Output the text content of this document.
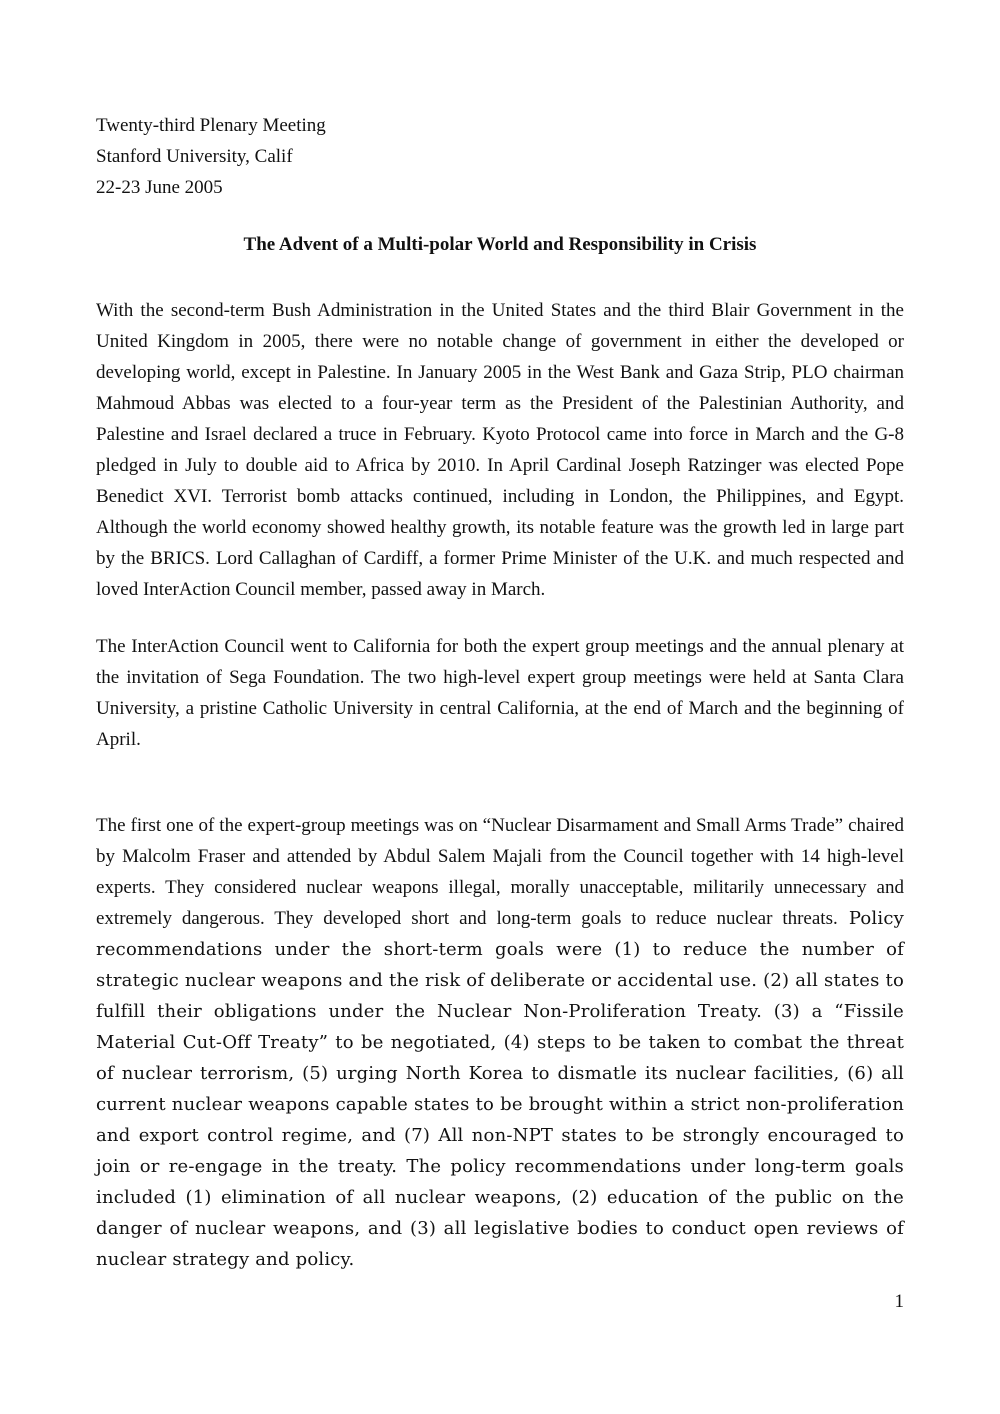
Twenty-third Plenary Meeting
Stanford University, Calif
22-23 June 2005
The Advent of a Multi-polar World and Responsibility in Crisis

With the second-term Bush Administration in the United States and the third Blair Government in the United Kingdom in 2005, there were no notable change of government in either the developed or developing world, except in Palestine. In January 2005 in the West Bank and Gaza Strip, PLO chairman Mahmoud Abbas was elected to a four-year term as the President of the Palestinian Authority, and Palestine and Israel declared a truce in February. Kyoto Protocol came into force in March and the G-8 pledged in July to double aid to Africa by 2010. In April Cardinal Joseph Ratzinger was elected Pope Benedict XVI. Terrorist bomb attacks continued, including in London, the Philippines, and Egypt. Although the world economy showed healthy growth, its notable feature was the growth led in large part by the BRICS. Lord Callaghan of Cardiff, a former Prime Minister of the U.K. and much respected and loved InterAction Council member, passed away in March.

The InterAction Council went to California for both the expert group meetings and the annual plenary at the invitation of Sega Foundation. The two high-level expert group meetings were held at Santa Clara University, a pristine Catholic University in central California, at the end of March and the beginning of April.

The first one of the expert-group meetings was on “Nuclear Disarmament and Small Arms Trade” chaired by Malcolm Fraser and attended by Abdul Salem Majali from the Council together with 14 high-level experts. They considered nuclear weapons illegal, morally unacceptable, militarily unnecessary and extremely dangerous. They developed short and long-term goals to reduce nuclear threats. Policy recommendations under the short-term goals were (1) to reduce the number of strategic nuclear weapons and the risk of deliberate or accidental use. (2) all states to fulfill their obligations under the Nuclear Non-Proliferation Treaty. (3) a “Fissile Material Cut-Off Treaty” to be negotiated, (4) steps to be taken to combat the threat of nuclear terrorism, (5) urging North Korea to dismatle its nuclear facilities, (6) all current nuclear weapons capable states to be brought within a strict non-proliferation and export control regime, and (7) All non-NPT states to be strongly encouraged to join or re-engage in the treaty. The policy recommendations under long-term goals included (1) elimination of all nuclear weapons, (2) education of the public on the danger of nuclear weapons, and (3) all legislative bodies to conduct open reviews of nuclear strategy and policy.

1
